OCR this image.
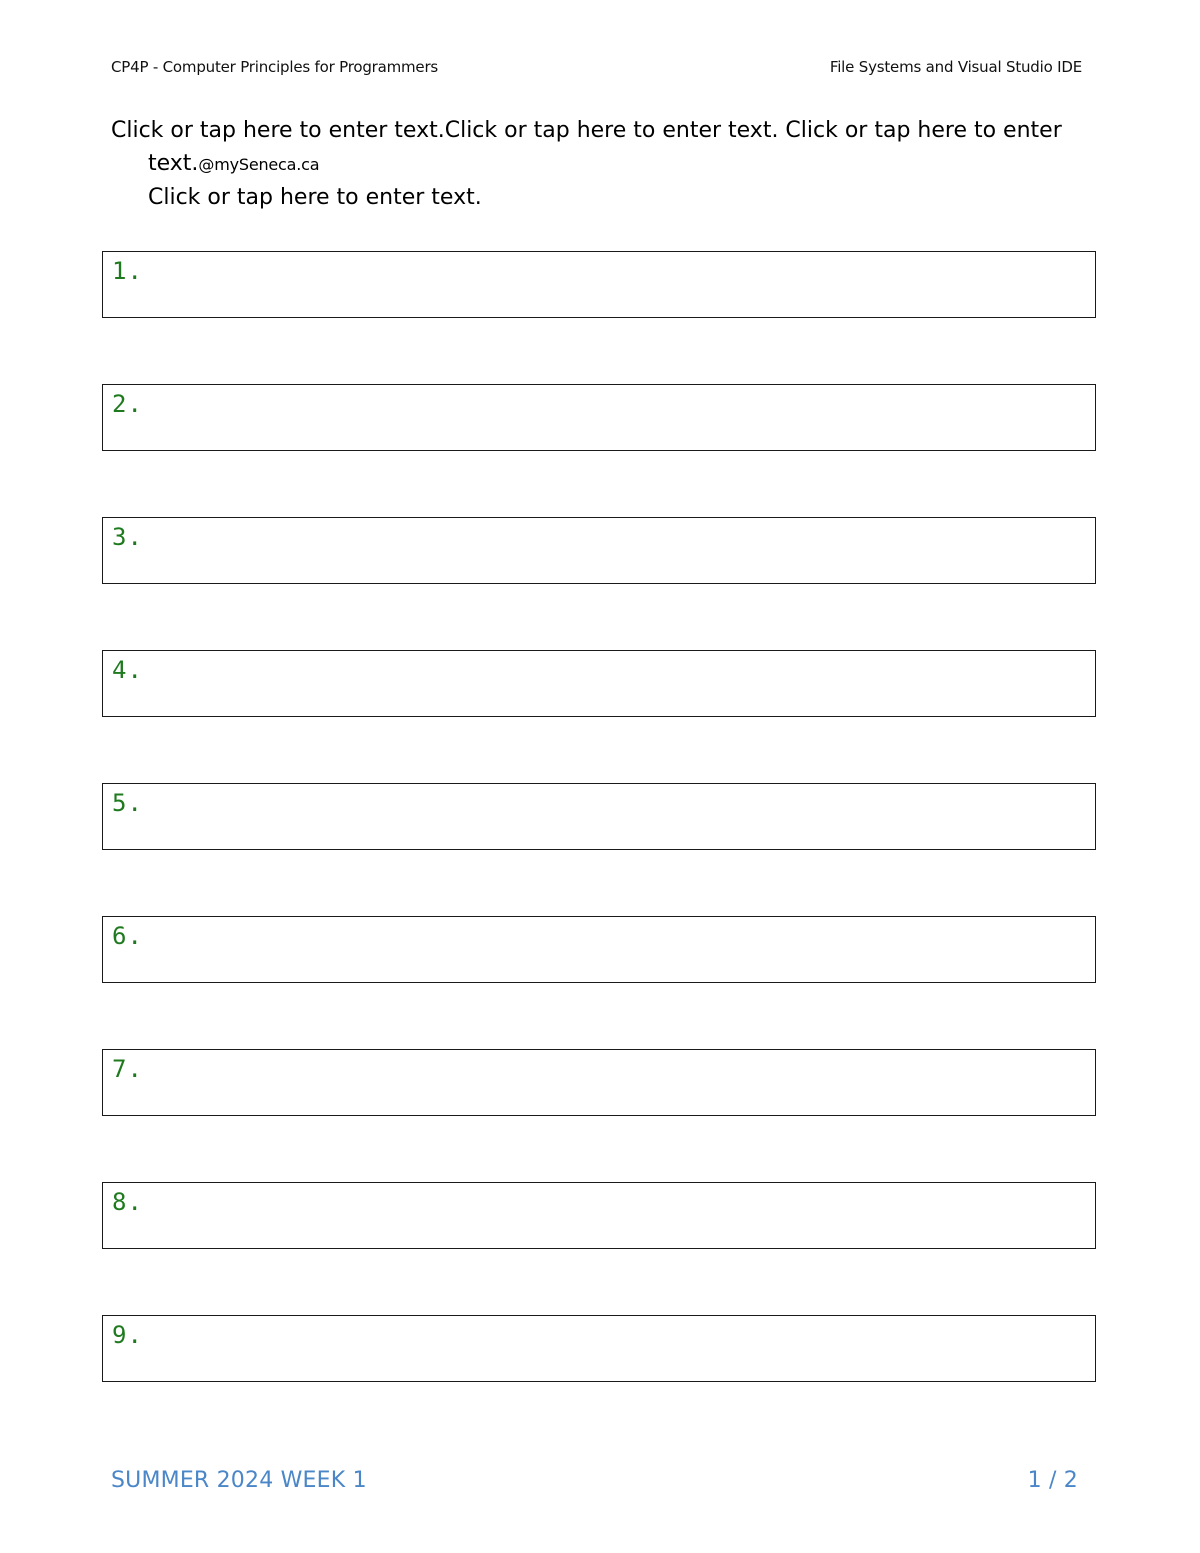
CP4P - Computer Principles for Programmers	File Systems and Visual Studio IDE
Click or tap here to enter text.Click or tap here to enter text. Click or tap here to enter
text.@mySeneca.ca
Click or tap here to enter text.
1.
2.
3.
4.
5.
6.
7.
8.
9.
SUMMER 2024 WEEK 1	1 / 2
